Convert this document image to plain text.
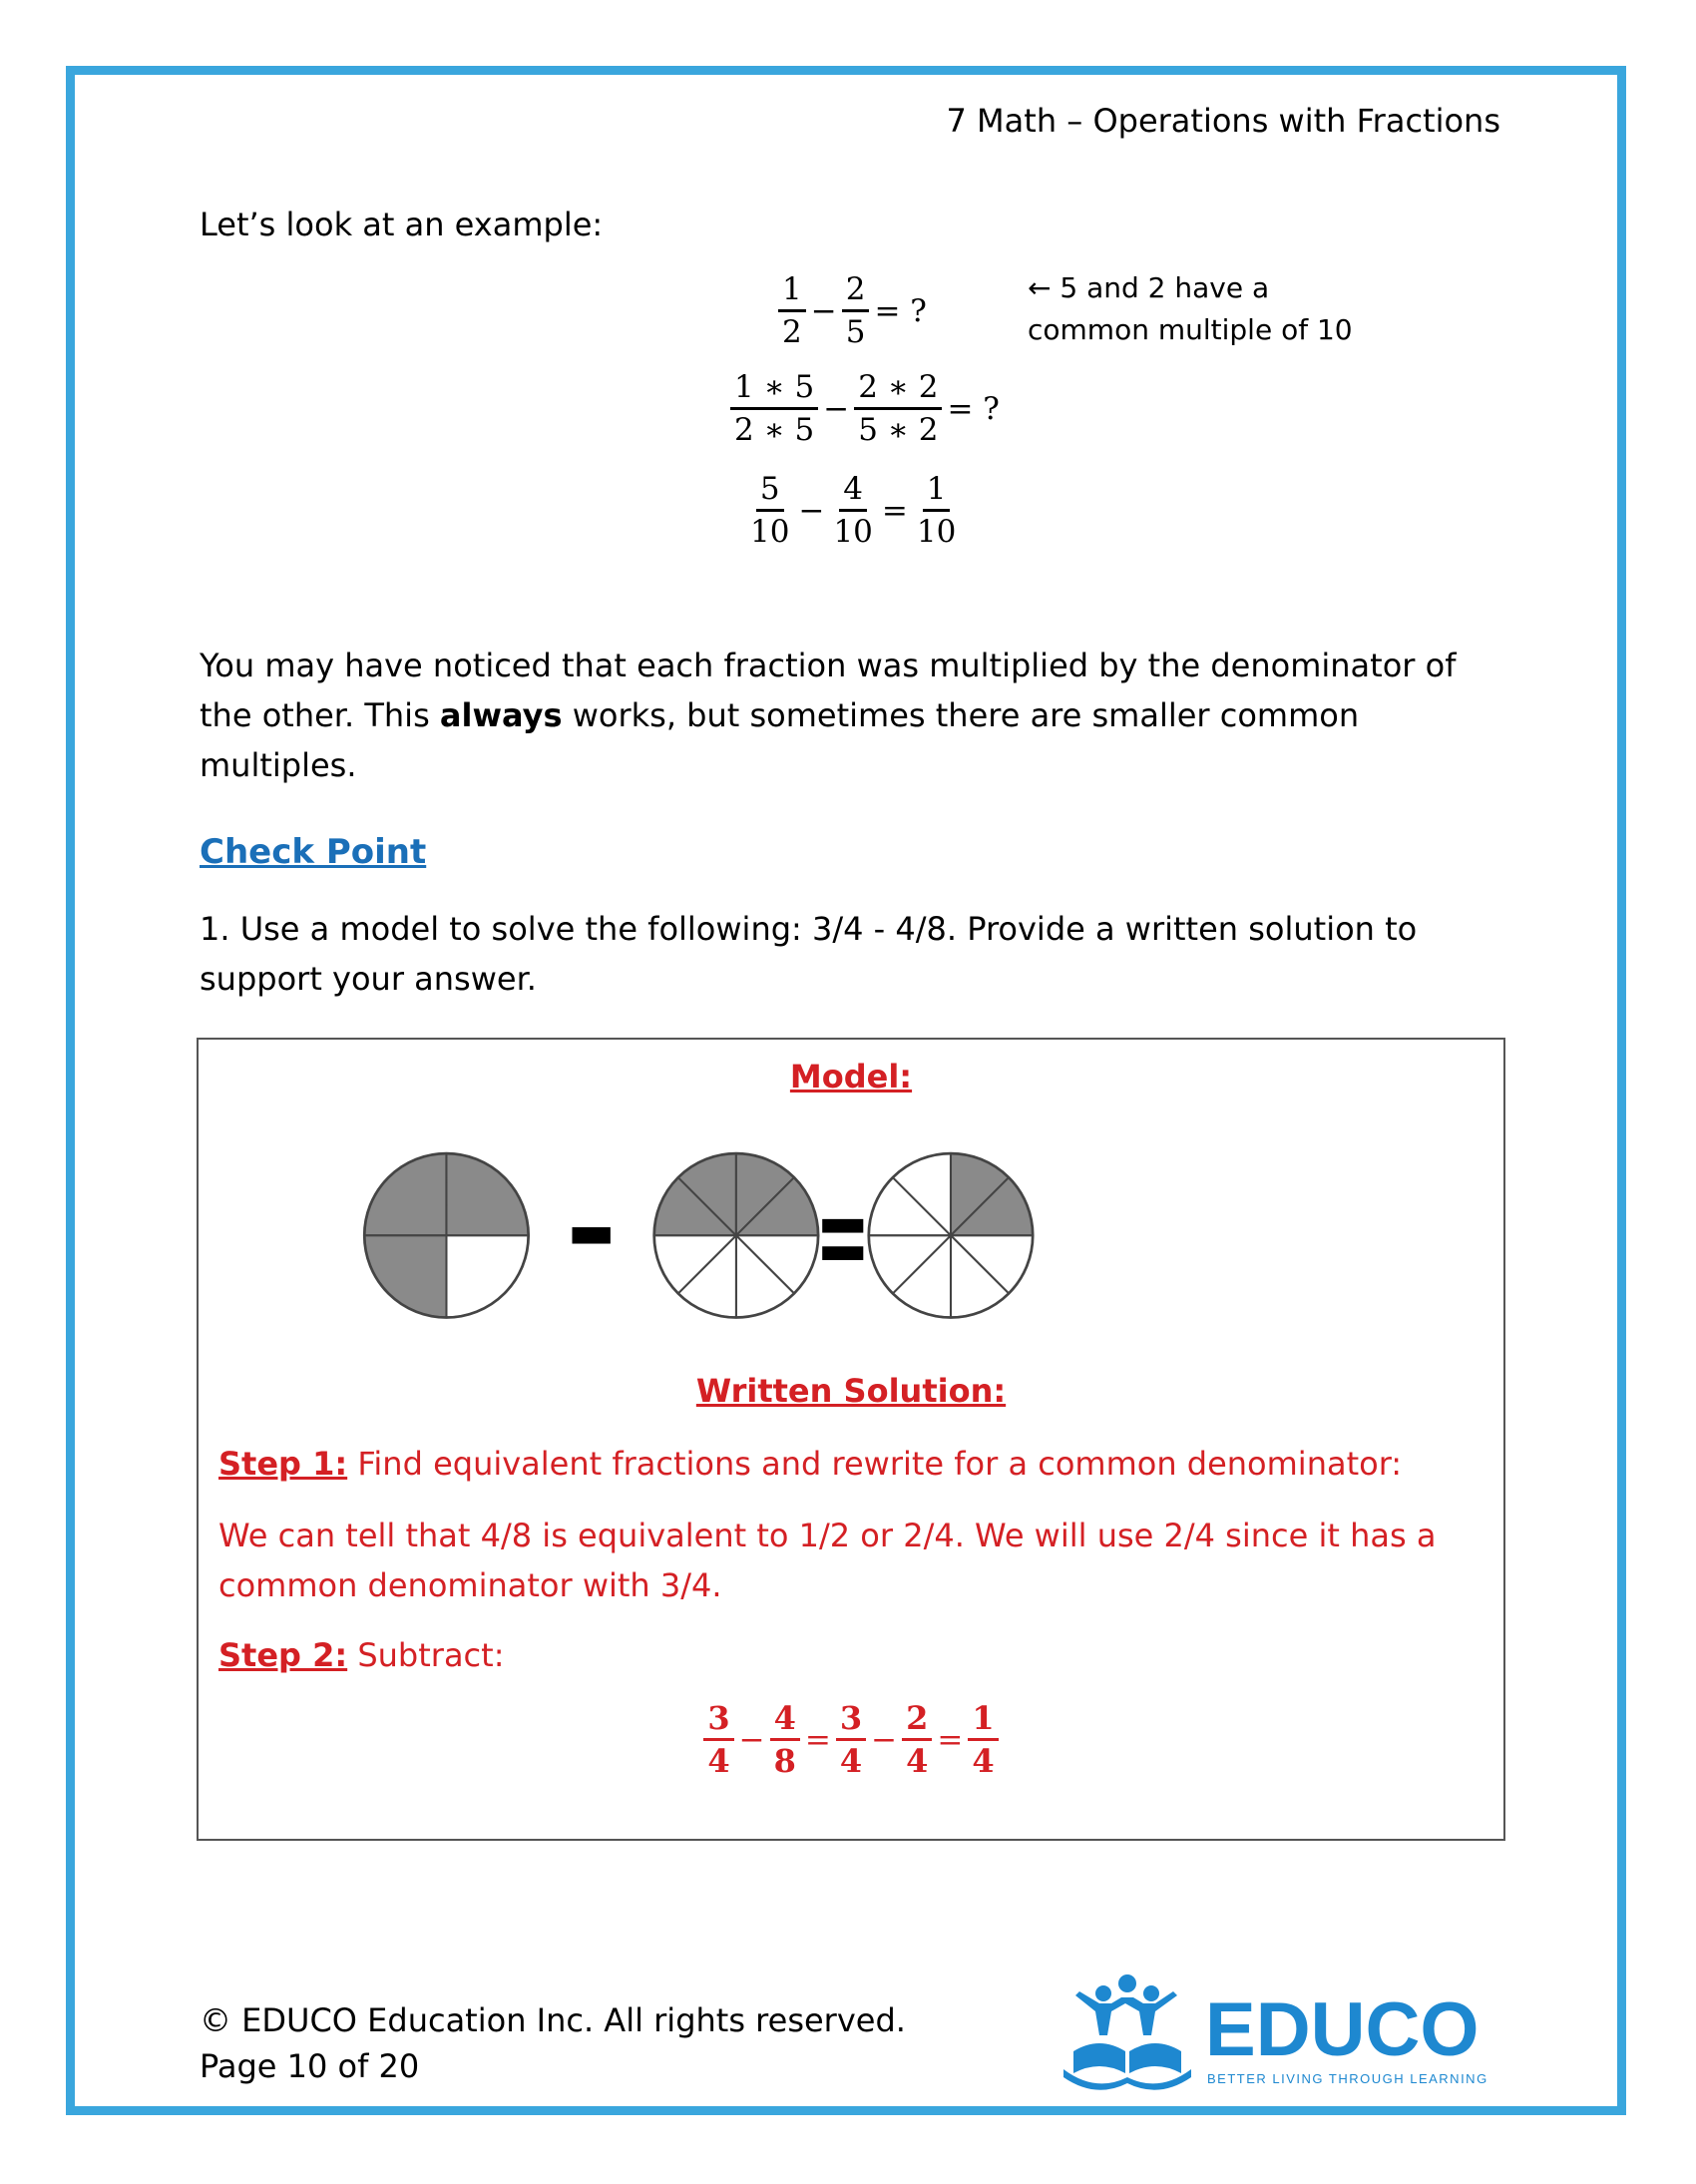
7 Math – Operations with Fractions
Let’s look at an example:
$\frac{1}{2} - \frac{2}{5}$ = ?
← 5 and 2 have a
common multiple of 10
$\frac{1 ∗ 5}{2 ∗ 5} - \frac{2 ∗ 2}{5 ∗ 2}$ = ?
$\frac{5}{10} - \frac{4}{10} = \frac{1}{10}$
You may have noticed that each fraction was multiplied by the denominator of the other. This always works, but sometimes there are smaller common multiples.
Check Point
1. Use a model to solve the following: 3/4 - 4/8. Provide a written solution to support your answer.
Model:
Written Solution:
Step 1: Find equivalent fractions and rewrite for a common denominator:
We can tell that 4/8 is equivalent to 1/2 or 2/4. We will use 2/4 since it has a common denominator with 3/4.
Step 2: Subtract:
$\frac{3}{4} - \frac{4}{8} = \frac{3}{4} - \frac{2}{4} = \frac{1}{4}$
© EDUCO Education Inc. All rights reserved.
Page 10 of 20	EDUCO
BETTER LIVING THROUGH LEARNING
